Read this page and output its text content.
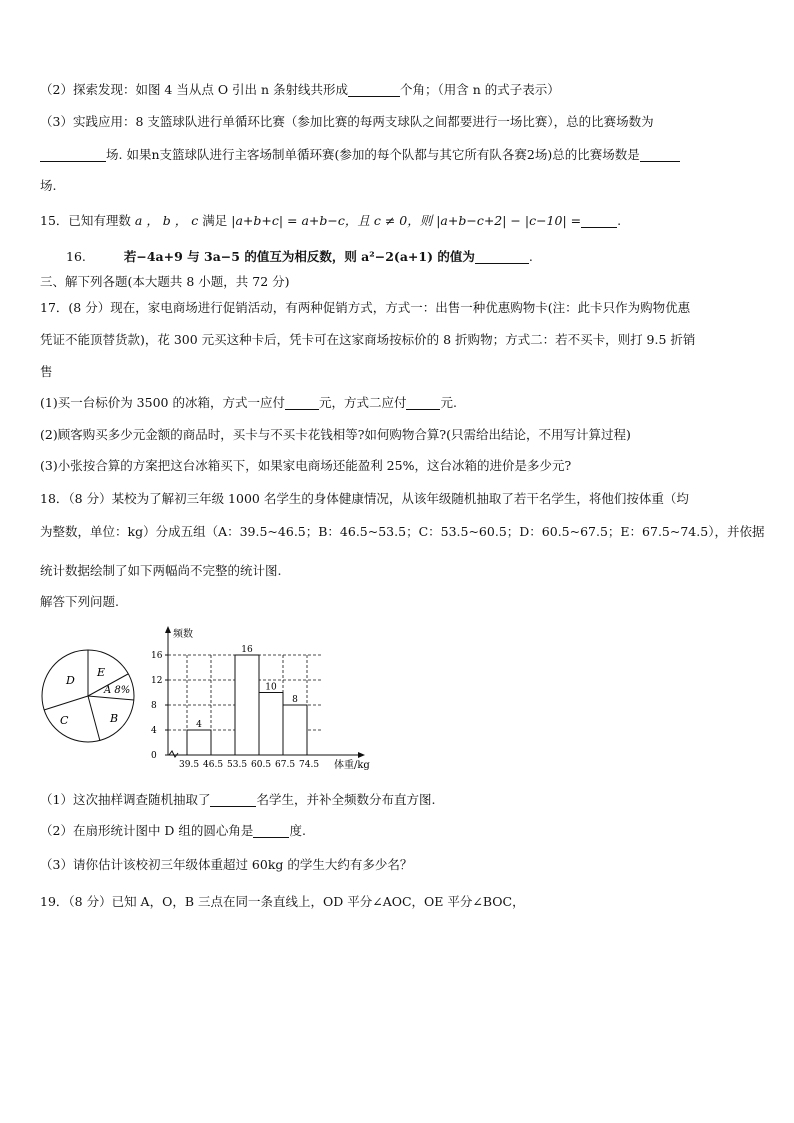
（2）探索发现：如图 4 当从点 O 引出 n 条射线共形成	个角；（用含 n 的式子表示）
（3）实践应用：8 支篮球队进行单循环比赛（参加比赛的每两支球队之间都要进行一场比赛），总的比赛场数为
场. 如果n支篮球队进行主客场制单循环赛(参加的每个队都与其它所有队各赛2场)总的比赛场数是
场.
15．已知有理数 a ， b ， c 满足 |a+b+c| = a+b−c，且 c ≠ 0，则 |a+b−c+2| − |c−10| =	.
16.	若−4a+9 与 3a−5 的值互为相反数，则 a²−2(a+1) 的值为	.
三、解下列各题(本大题共 8 小题，共 72 分)
17．(8 分）现在，家电商场进行促销活动，有两种促销方式，方式一：出售一种优惠购物卡(注：此卡只作为购物优惠
凭证不能顶替货款)，花 300 元买这种卡后，凭卡可在这家商场按标价的 8 折购物；方式二：若不买卡，则打 9.5 折销
售
(1)买一台标价为 3500 的冰箱，方式一应付	元，方式二应付	元.
(2)顾客购买多少元金额的商品时，买卡与不买卡花钱相等?如何购物合算?(只需给出结论，不用写计算过程)
(3)小张按合算的方案把这台冰箱买下，如果家电商场还能盈利 25%，这台冰箱的进价是多少元?
18．（8 分）某校为了解初三年级 1000 名学生的身体健康情况，从该年级随机抽取了若干名学生，将他们按体重（均
为整数，单位：kg）分成五组（A：39.5~46.5；B：46.5~53.5；C：53.5~60.5；D：60.5~67.5；E：67.5~74.5），并依据
统计数据绘制了如下两幅尚不完整的统计图.
解答下列问题.
D
E
A 8%
B
C
0
4
8
12
16
39.5 46.5 53.5 60.5 67.5 74.5
4
16
10
8
频数
体重/kg
（1）这次抽样调查随机抽取了	名学生，并补全频数分布直方图.
（2）在扇形统计图中 D 组的圆心角是	度.
（3）请你估计该校初三年级体重超过 60kg 的学生大约有多少名？
19．（8 分）已知 A，O，B 三点在同一条直线上，OD 平分∠AOC，OE 平分∠BOC，
